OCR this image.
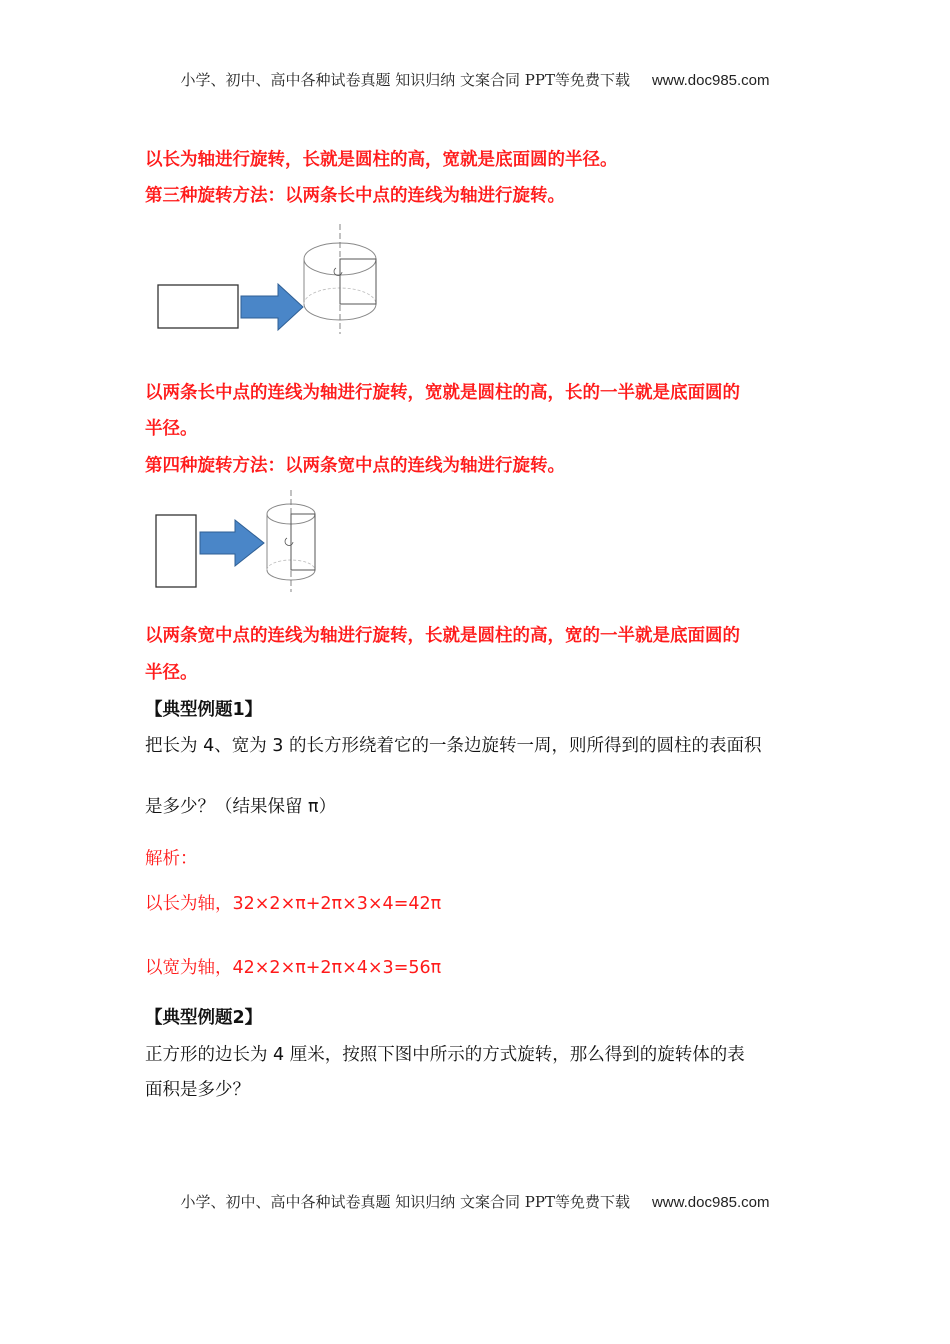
小学、初中、高中各种试卷真题 知识归纳 文案合同 PPT等免费下载 www.doc985.com
以长为轴进行旋转，长就是圆柱的高，宽就是底面圆的半径。
第三种旋转方法：以两条长中点的连线为轴进行旋转。
以两条长中点的连线为轴进行旋转，宽就是圆柱的高，长的一半就是底面圆的
半径。
第四种旋转方法：以两条宽中点的连线为轴进行旋转。
以两条宽中点的连线为轴进行旋转，长就是圆柱的高，宽的一半就是底面圆的
半径。
【典型例题1】
把长为 4、宽为 3 的长方形绕着它的一条边旋转一周，则所得到的圆柱的表面积
是多少？（结果保留 π）
解析：
以长为轴，32×2×π+2π×3×4=42π
以宽为轴，42×2×π+2π×4×3=56π
【典型例题2】
正方形的边长为 4 厘米，按照下图中所示的方式旋转，那么得到的旋转体的表
面积是多少？
小学、初中、高中各种试卷真题 知识归纳 文案合同 PPT等免费下载 www.doc985.com
